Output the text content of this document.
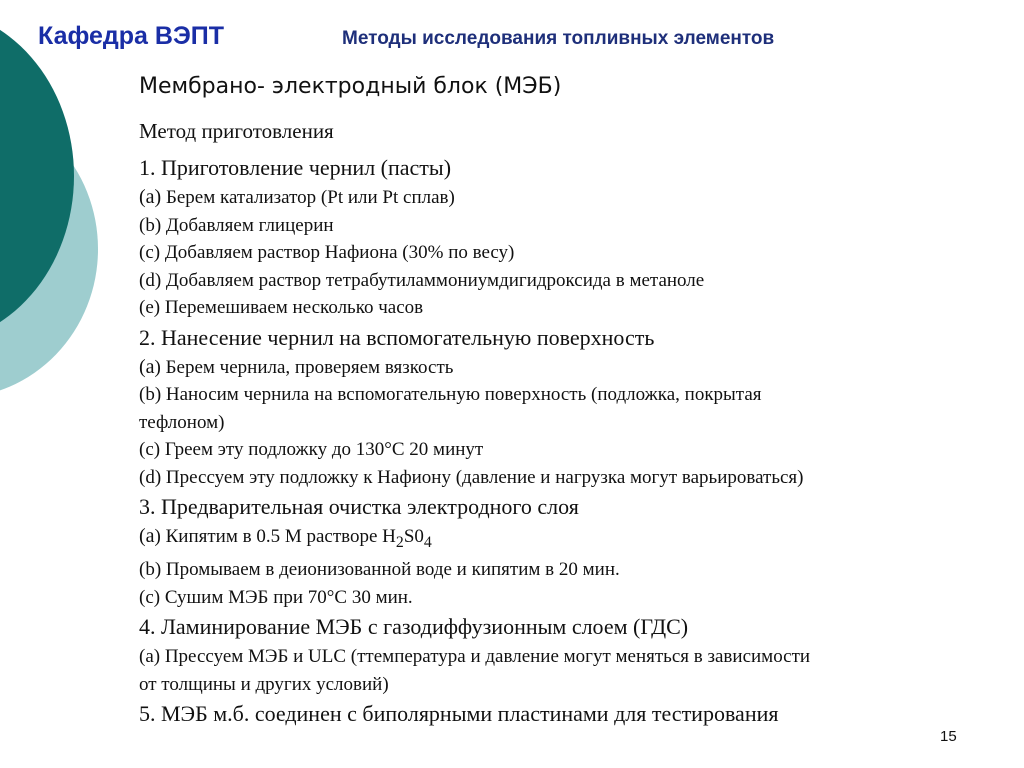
Кафедра ВЭПТ	Методы исследования топливных элементов
Мембрано- электродный блок (МЭБ)
Метод приготовления
1. Приготовление чернил (пасты)
(a) Берем катализатор (Pt или Pt сплав)
(b) Добавляем глицерин
(c) Добавляем раствор Нафиона (30% по весу)
(d) Добавляем раствор тетрабутиламмониумдигидроксида в метаноле
(e) Перемешиваем несколько часов
2. Нанесение чернил на вспомогательную поверхность
(a) Берем чернила, проверяем вязкость
(b) Наносим чернила на вспомогательную поверхность (подложка, покрытая
тефлоном)
(c) Греем эту подложку до 130°C 20 минут
(d) Прессуем эту подложку к Нафиону (давление и нагрузка могут варьироваться)
3. Предварительная очистка электродного слоя
(a) Кипятим в 0.5 M растворе $H_2S0_4$
(b) Промываем в деионизованной воде и кипятим в 20 мин.
(c) Сушим МЭБ при 70°C 30 мин.
4. Ламинирование МЭБ с газодиффузионным слоем (ГДС)
(a) Прессуем МЭБ и ULC (ттемпература и давление могут меняться в зависимости
от толщины и других условий)
5. МЭБ м.б. соединен с биполярными пластинами для тестирования
15
